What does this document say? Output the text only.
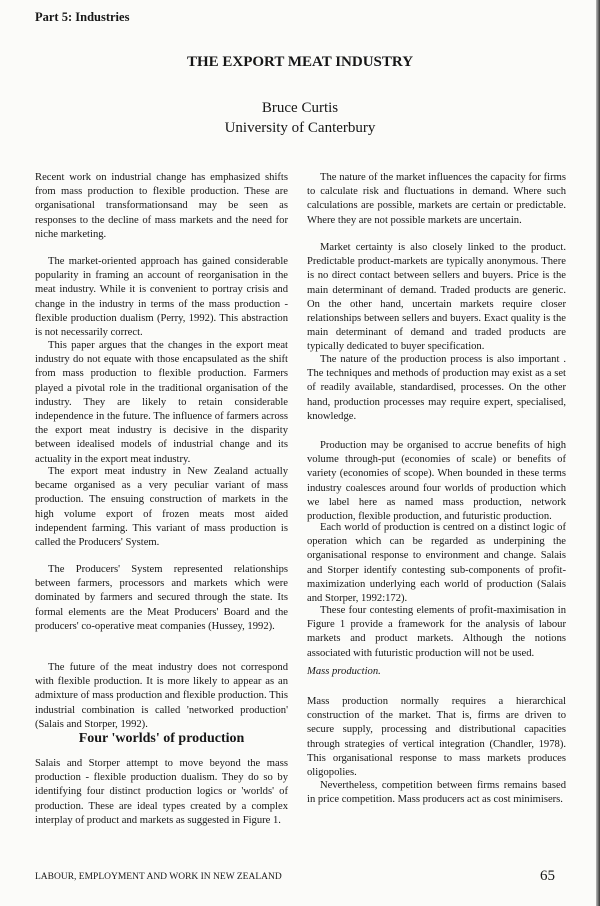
Part 5: Industries
THE EXPORT MEAT INDUSTRY
Bruce Curtis
University of Canterbury

Recent work on industrial change has emphasized shifts from mass production to flexible production. These are organisational transformationsand may be seen as responses to the decline of mass markets and the need for niche marketing.

The market-oriented approach has gained considerable popularity in framing an account of reorganisation in the meat industry. While it is convenient to portray crisis and change in the industry in terms of the mass production - flexible production dualism (Perry, 1992). This abstraction is not necessarily correct.

This paper argues that the changes in the export meat industry do not equate with those encapsulated as the shift from mass production to flexible production. Farmers played a pivotal role in the traditional organisation of the industry. They are likely to retain considerable independence in the future. The influence of farmers across the export meat industry is decisive in the disparity between idealised models of industrial change and its actuality in the export meat industry.

The export meat industry in New Zealand actually became organised as a very peculiar variant of mass production. The ensuing construction of markets in the high volume export of frozen meats most aided independent farming. This variant of mass production is called the Producers' System.

The Producers' System represented relationships between farmers, processors and markets which were dominated by farmers and secured through the state. Its formal elements are the Meat Producers' Board and the producers' co-operative meat companies (Hussey, 1992).

The future of the meat industry does not correspond with flexible production. It is more likely to appear as an admixture of mass production and flexible production. This industrial combination is called 'networked production' (Salais and Storper, 1992).

Four 'worlds' of production

Salais and Storper attempt to move beyond the mass production - flexible production dualism. They do so by identifying four distinct production logics or 'worlds' of production. These are ideal types created by a complex interplay of product and markets as suggested in Figure 1.

The nature of the market influences the capacity for firms to calculate risk and fluctuations in demand. Where such calculations are possible, markets are certain or predictable. Where they are not possible markets are uncertain.

Market certainty is also closely linked to the product. Predictable product-markets are typically anonymous. There is no direct contact between sellers and buyers. Price is the main determinant of demand. Traded products are generic. On the other hand, uncertain markets require closer relationships between sellers and buyers. Exact quality is the main determinant of demand and traded products are typically dedicated to buyer specification.

The nature of the production process is also important . The techniques and methods of production may exist as a set of readily available, standardised, processes. On the other hand, production processes may require expert, specialised, knowledge.

Production may be organised to accrue benefits of high volume through-put (economies of scale) or benefits of variety (economies of scope). When bounded in these terms industry coalesces around four worlds of production which we label here as named mass production, network production, flexible production, and futuristic production.

Each world of production is centred on a distinct logic of operation which can be regarded as underpining the organisational response to environment and change. Salais and Storper identify contesting sub-components of profit-maximization underlying each world of production (Salais and Storper, 1992:172).

These four contesting elements of profit-maximisation in Figure 1 provide a framework for the analysis of labour markets and product markets. Although the notions associated with futuristic production will not be used.

Mass production.

Mass production normally requires a hierarchical construction of the market. That is, firms are driven to secure supply, processing and distributional capacities through strategies of vertical integration (Chandler, 1978). This organisational response to mass markets produces oligopolies.

Nevertheless, competition between firms remains based in price competition. Mass producers act as cost minimisers.

LABOUR, EMPLOYMENT AND WORK IN NEW ZEALAND	65
